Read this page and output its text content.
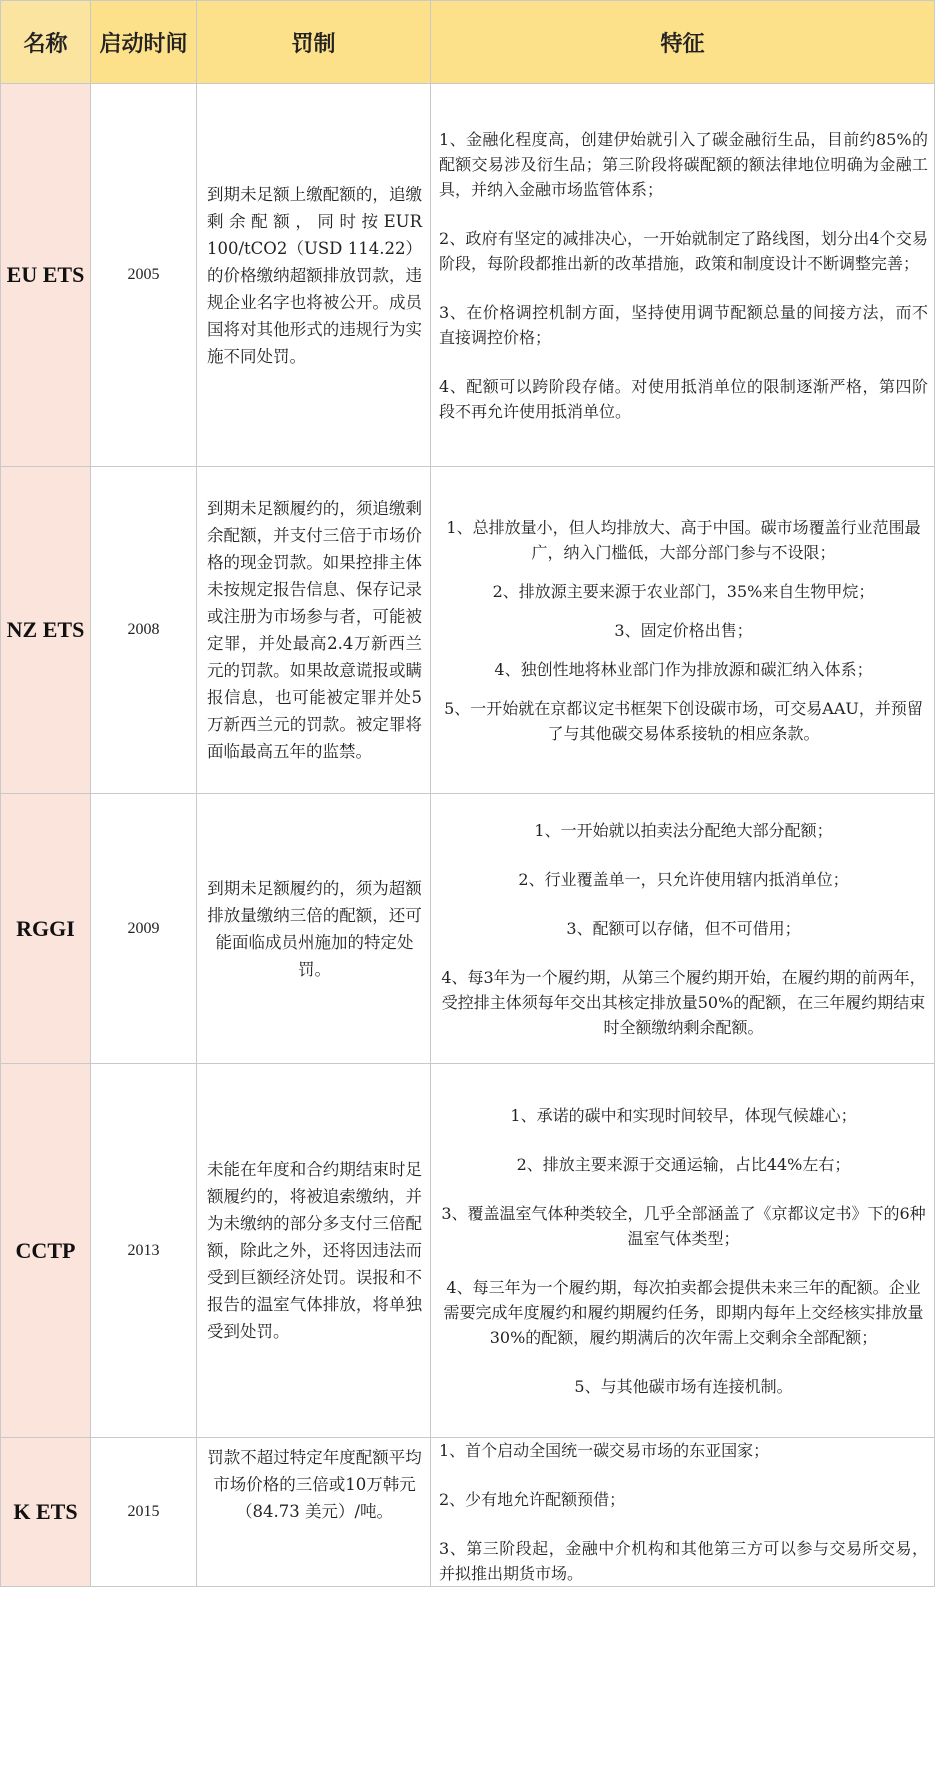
名称	启动时间	罚制	特征
EU ETS	2005	到期未足额上缴配额的，追缴剩余配额，同时按EUR 100/tCO2（USD 114.22）的价格缴纳超额排放罚款，违规企业名字也将被公开。成员国将对其他形式的违规行为实施不同处罚。	1、金融化程度高，创建伊始就引入了碳金融衍生品，目前约85%的配额交易涉及衍生品；第三阶段将碳配额的额法律地位明确为金融工具，并纳入金融市场监管体系；

2、政府有坚定的减排决心，一开始就制定了路线图，划分出4个交易阶段，每阶段都推出新的改革措施，政策和制度设计不断调整完善；

3、在价格调控机制方面，坚持使用调节配额总量的间接方法，而不直接调控价格；

4、配额可以跨阶段存储。对使用抵消单位的限制逐渐严格，第四阶段不再允许使用抵消单位。

NZ ETS	2008	到期未足额履约的，须追缴剩余配额，并支付三倍于市场价格的现金罚款。如果控排主体未按规定报告信息、保存记录或注册为市场参与者，可能被定罪，并处最高2.4万新西兰元的罚款。如果故意谎报或瞒报信息，也可能被定罪并处5万新西兰元的罚款。被定罪将面临最高五年的监禁。	1、总排放量小，但人均排放大、高于中国。碳市场覆盖行业范围最广，纳入门槛低，大部分部门参与不设限；

2、排放源主要来源于农业部门，35%来自生物甲烷；

3、固定价格出售；

4、独创性地将林业部门作为排放源和碳汇纳入体系；

5、一开始就在京都议定书框架下创设碳市场，可交易AAU，并预留了与其他碳交易体系接轨的相应条款。

RGGI	2009	到期未足额履约的，须为超额排放量缴纳三倍的配额，还可能面临成员州施加的特定处罚。	1、一开始就以拍卖法分配绝大部分配额；

2、行业覆盖单一，只允许使用辖内抵消单位；

3、配额可以存储，但不可借用；

4、每3年为一个履约期，从第三个履约期开始，在履约期的前两年，受控排主体须每年交出其核定排放量50%的配额，在三年履约期结束时全额缴纳剩余配额。

CCTP	2013	未能在年度和合约期结束时足额履约的，将被追索缴纳，并为未缴纳的部分多支付三倍配额，除此之外，还将因违法而受到巨额经济处罚。误报和不报告的温室气体排放，将单独受到处罚。	1、承诺的碳中和实现时间较早，体现气候雄心；

2、排放主要来源于交通运输，占比44%左右；

3、覆盖温室气体种类较全，几乎全部涵盖了《京都议定书》下的6种温室气体类型；

4、每三年为一个履约期，每次拍卖都会提供未来三年的配额。企业需要完成年度履约和履约期履约任务，即期内每年上交经核实排放量30%的配额，履约期满后的次年需上交剩余全部配额；

5、与其他碳市场有连接机制。

K ETS	2015	罚款不超过特定年度配额平均市场价格的三倍或10万韩元（84.73 美元）/吨。	1、首个启动全国统一碳交易市场的东亚国家；

2、少有地允许配额预借；

3、第三阶段起，金融中介机构和其他第三方可以参与交易所交易，并拟推出期货市场。
